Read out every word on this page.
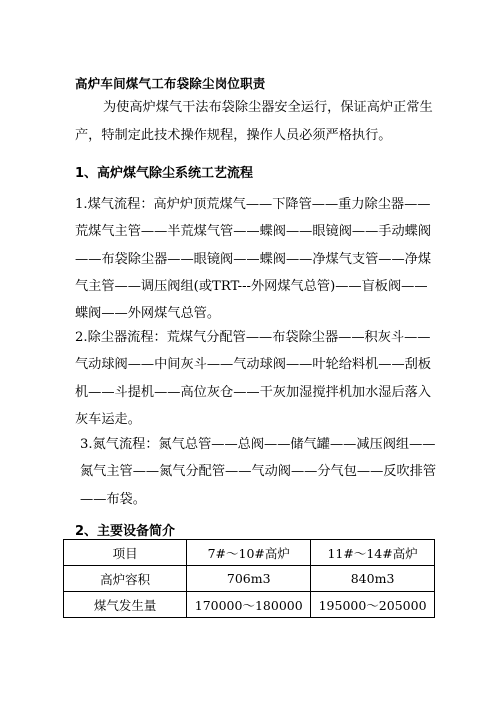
高炉车间煤气工布袋除尘岗位职责
为使高炉煤气干法布袋除尘器安全运行，保证高炉正常生产，特制定此技术操作规程，操作人员必须严格执行。
1、高炉煤气除尘系统工艺流程
1.煤气流程：高炉炉顶荒煤气——下降管——重力除尘器——荒煤气主管——半荒煤气管——蝶阀——眼镜阀——手动蝶阀——布袋除尘器——眼镜阀——蝶阀——净煤气支管——净煤气主管——调压阀组(或TRT---外网煤气总管)——盲板阀——蝶阀——外网煤气总管。
2.除尘器流程：荒煤气分配管——布袋除尘器——积灰斗——气动球阀——中间灰斗——气动球阀——叶轮给料机——刮板机——斗提机——高位灰仓——干灰加湿搅拌机加水湿后落入灰车运走。
3.氮气流程：氮气总管——总阀——储气罐——减压阀组——氮气主管——氮气分配管——气动阀——分气包——反吹排管——布袋。
2、主要设备简介
项目	7#～10#高炉	11#～14#高炉
高炉容积	706m3	840m3
煤气发生量	170000～180000	195000～205000
